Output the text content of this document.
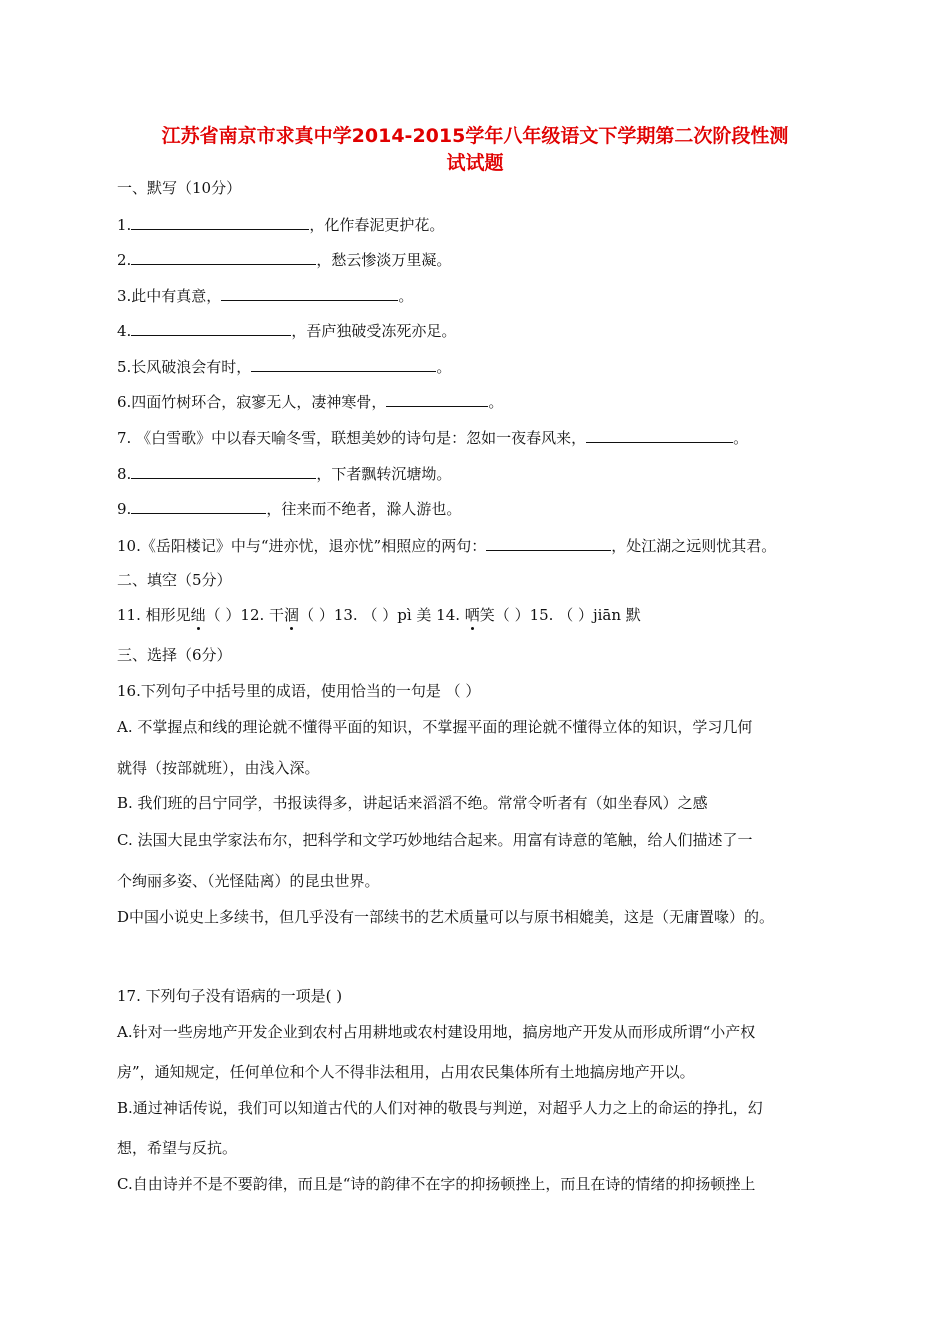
江苏省南京市求真中学2014-2015学年八年级语文下学期第二次阶段性测
试试题
一、默写（10分）
1.	，化作春泥更护花。
2.	，愁云惨淡万里凝。
3.此中有真意，	。
4.	，吾庐独破受冻死亦足。
5.长风破浪会有时，	。
6.四面竹树环合，寂寥无人，凄神寒骨，	。
7. 《白雪歌》中以春天喻冬雪，联想美妙的诗句是：忽如一夜春风来，	。
8.	，下者飘转沉塘坳。
9.	，往来而不绝者，滁人游也。
10.《岳阳楼记》中与“进亦忧，退亦忧”相照应的两句：	，处江湖之远则忧其君。
二、填空（5分）
11. 相形见绌（ ）12. 干涸（ ）13. （ ）pì 美 14. 哂笑（ ）15. （ ）jiān 默
三、选择（6分）
16.下列句子中括号里的成语，使用恰当的一句是 （ ）
A. 不掌握点和线的理论就不懂得平面的知识，不掌握平面的理论就不懂得立体的知识，学习几何
就得（按部就班），由浅入深。
B. 我们班的吕宁同学，书报读得多，讲起话来滔滔不绝。常常令听者有（如坐春风）之感
C. 法国大昆虫学家法布尔，把科学和文学巧妙地结合起来。用富有诗意的笔触，给人们描述了一
个绚丽多姿、（光怪陆离）的昆虫世界。
D中国小说史上多续书，但几乎没有一部续书的艺术质量可以与原书相媲美，这是（无庸置喙）的。
17. 下列句子没有语病的一项是( )
A.针对一些房地产开发企业到农村占用耕地或农村建设用地，搞房地产开发从而形成所谓“小产权
房”，通知规定，任何单位和个人不得非法租用，占用农民集体所有土地搞房地产开以。
B.通过神话传说，我们可以知道古代的人们对神的敬畏与判逆，对超乎人力之上的命运的挣扎，幻
想，希望与反抗。
C.自由诗并不是不要韵律，而且是“诗的韵律不在字的抑扬顿挫上，而且在诗的情绪的抑扬顿挫上
